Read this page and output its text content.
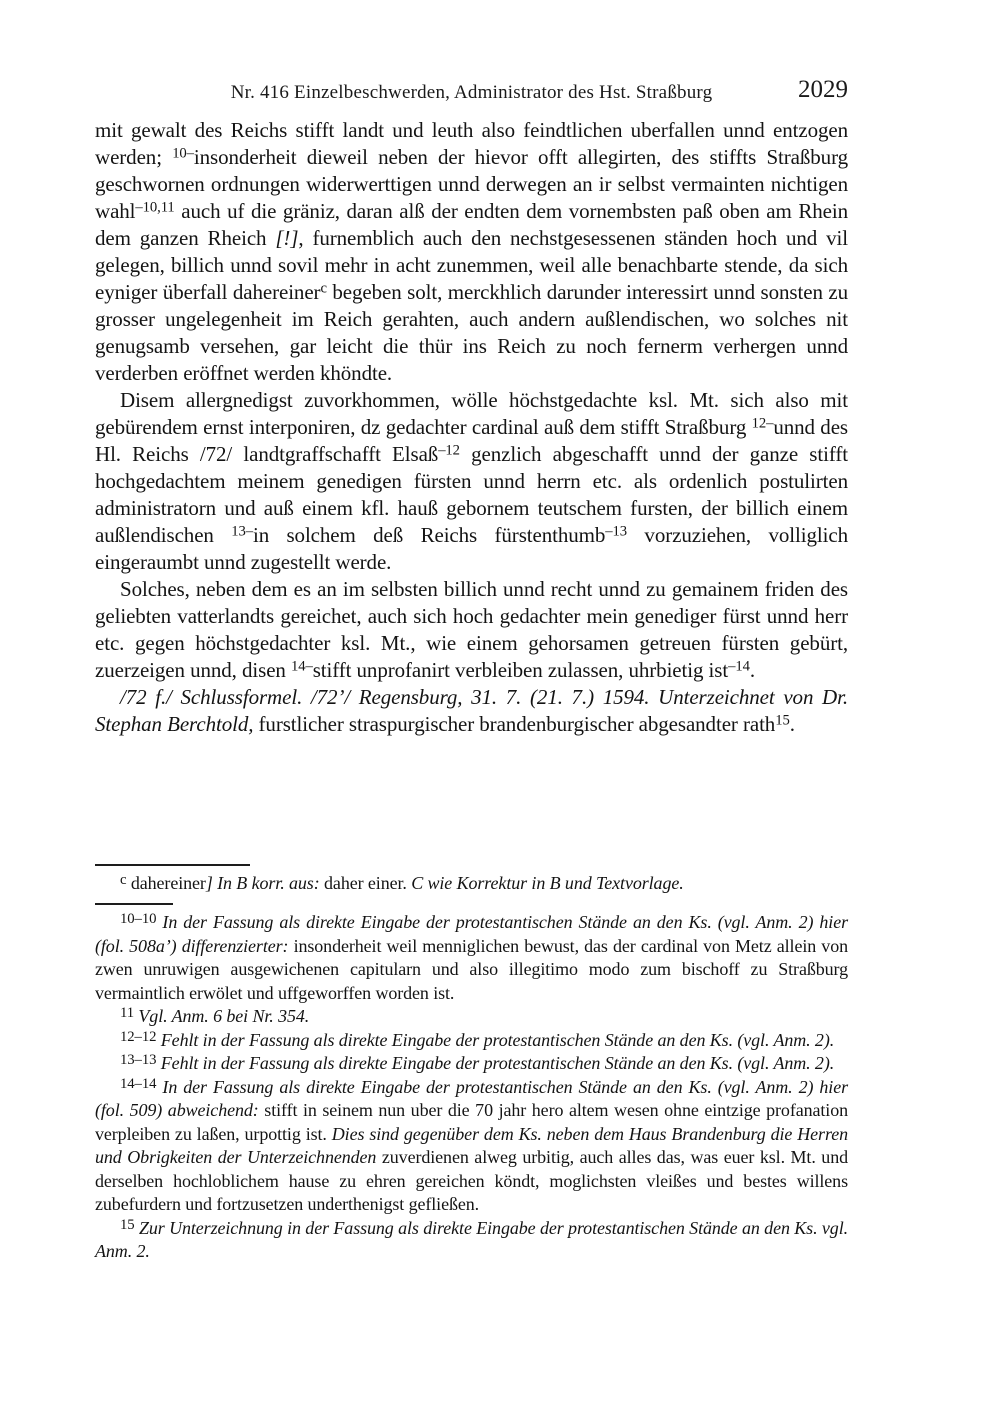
Nr. 416 Einzelbeschwerden, Administrator des Hst. Straßburg	2029

mit gewalt des Reichs stifft landt und leuth also feindtlichen uberfallen unnd entzogen werden; $^{10-}$insonderheit dieweil neben der hievor offt allegirten, des stiffts Straßburg geschwornen ordnungen widerwerttigen unnd derwegen an ir selbst vermainten nichtigen wahl$^{-10,11}$ auch uf die gräniz, daran alß der endten dem vornembsten paß oben am Rhein dem ganzen Rheich [!], furnemblich auch den nechstgesessenen ständen hoch und vil gelegen, billich unnd sovil mehr in acht zunemmen, weil alle benachbarte stende, da sich eyniger überfall dahereiner$^c$ begeben solt, merckhlich darunder interessirt unnd sonsten zu grosser ungelegenheit im Reich gerahten, auch andern außlendischen, wo solches nit genugsamb versehen, gar leicht die thür ins Reich zu noch fernerm verhergen unnd verderben eröffnet werden khöndte.

Disem allergnedigst zuvorkhommen, wölle höchstgedachte ksl. Mt. sich also mit gebürendem ernst interponiren, dz gedachter cardinal auß dem stifft Straßburg $^{12-}$unnd des Hl. Reichs /72/ landtgraffschafft Elsaß$^{-12}$ genzlich abgeschafft unnd der ganze stifft hochgedachtem meinem genedigen fürsten unnd herrn etc. als ordenlich postulirten administratorn und auß einem kfl. hauß gebornem teutschem fursten, der billich einem außlendischen $^{13-}$in solchem deß Reichs fürstenthumb$^{-13}$ vorzuziehen, volliglich eingeraumbt unnd zugestellt werde.

Solches, neben dem es an im selbsten billich unnd recht unnd zu gemainem friden des geliebten vatterlandts gereichet, auch sich hoch gedachter mein genediger fürst unnd herr etc. gegen höchstgedachter ksl. Mt., wie einem gehorsamen getreuen fürsten gebürt, zuerzeigen unnd, disen $^{14-}$stifft unprofanirt verbleiben zulassen, uhrbietig ist$^{-14}$.

/72 f./ Schlussformel. /72’/ Regensburg, 31. 7. (21. 7.) 1594. Unterzeichnet von Dr. Stephan Berchtold, furstlicher straspurgischer brandenburgischer abgesandter rath$^{15}$.

$^c$ dahereiner] In B korr. aus: daher einer. C wie Korrektur in B und Textvorlage.

$^{10-10}$ In der Fassung als direkte Eingabe der protestantischen Stände an den Ks. (vgl. Anm. 2) hier (fol. 508a’) differenzierter: insonderheit weil menniglichen bewust, das der cardinal von Metz allein von zwen unruwigen ausgewichenen capitularn und also illegitimo modo zum bischoff zu Straßburg vermaintlich erwölet und uffgeworffen worden ist.

$^{11}$ Vgl. Anm. 6 bei Nr. 354.

$^{12-12}$ Fehlt in der Fassung als direkte Eingabe der protestantischen Stände an den Ks. (vgl. Anm. 2).

$^{13-13}$ Fehlt in der Fassung als direkte Eingabe der protestantischen Stände an den Ks. (vgl. Anm. 2).

$^{14-14}$ In der Fassung als direkte Eingabe der protestantischen Stände an den Ks. (vgl. Anm. 2) hier (fol. 509) abweichend: stifft in seinem nun uber die 70 jahr hero altem wesen ohne eintzige profanation verpleiben zu laßen, urpottig ist. Dies sind gegenüber dem Ks. neben dem Haus Brandenburg die Herren und Obrigkeiten der Unterzeichnenden zuverdienen alweg urbitig, auch alles das, was euer ksl. Mt. und derselben hochloblichem hause zu ehren gereichen köndt, moglichsten vleißes und bestes willens zubefurdern und fortzusetzen underthenigst gefließen.

$^{15}$ Zur Unterzeichnung in der Fassung als direkte Eingabe der protestantischen Stände an den Ks. vgl. Anm. 2.
